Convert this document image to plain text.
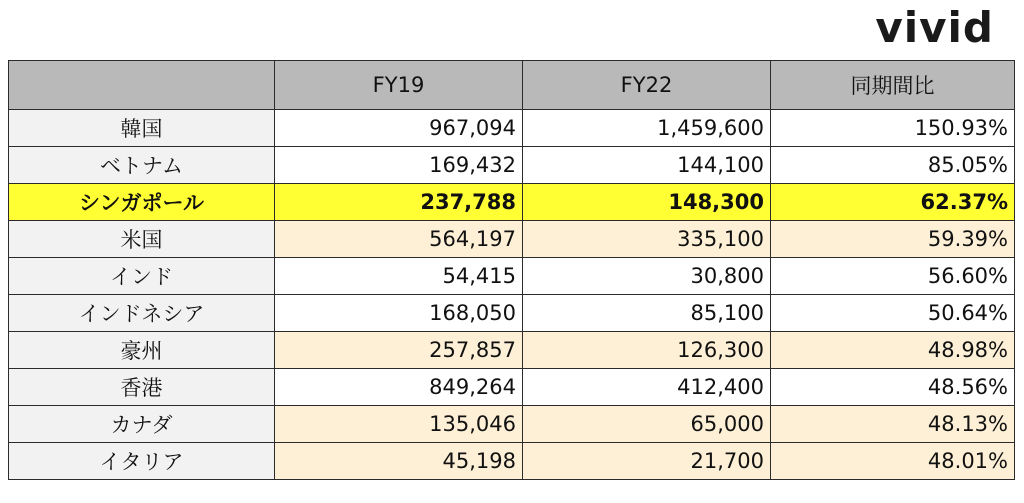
vivid
	FY19	FY22	同期間比
韓国	967,094	1,459,600	150.93%
ベトナム	169,432	144,100	85.05%
シンガポール	237,788	148,300	62.37%
米国	564,197	335,100	59.39%
インド	54,415	30,800	56.60%
インドネシア	168,050	85,100	50.64%
豪州	257,857	126,300	48.98%
香港	849,264	412,400	48.56%
カナダ	135,046	65,000	48.13%
イタリア	45,198	21,700	48.01%
